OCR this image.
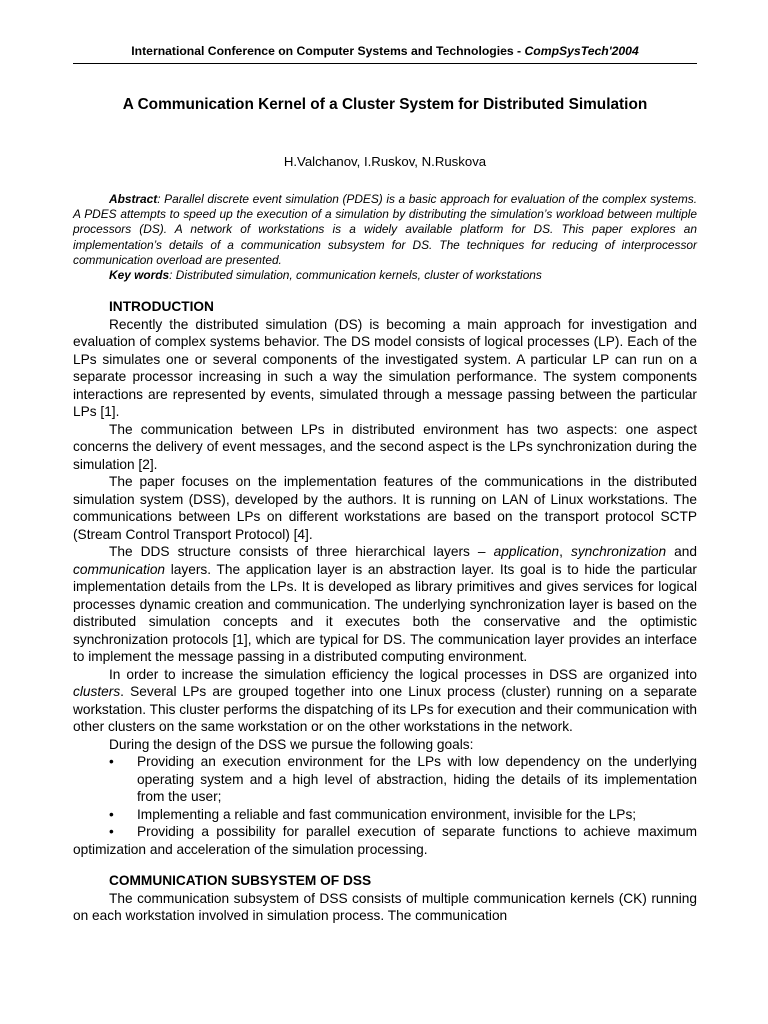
International Conference on Computer Systems and Technologies - CompSysTech'2004
A Communication Kernel of a Cluster System for Distributed Simulation
H.Valchanov, I.Ruskov, N.Ruskova

Abstract: Parallel discrete event simulation (PDES) is a basic approach for evaluation of the complex systems. A PDES attempts to speed up the execution of a simulation by distributing the simulation’s workload between multiple processors (DS). A network of workstations is a widely available platform for DS. This paper explores an implementation’s details of a communication subsystem for DS. The techniques for reducing of interprocessor communication overload are presented.

Key words: Distributed simulation, communication kernels, cluster of workstations

INTRODUCTION

Recently the distributed simulation (DS) is becoming a main approach for investigation and evaluation of complex systems behavior. The DS model consists of logical processes (LP). Each of the LPs simulates one or several components of the investigated system. A particular LP can run on a separate processor increasing in such a way the simulation performance. The system components interactions are represented by events, simulated through a message passing between the particular LPs [1].

The communication between LPs in distributed environment has two aspects: one aspect concerns the delivery of event messages, and the second aspect is the LPs synchronization during the simulation [2].

The paper focuses on the implementation features of the communications in the distributed simulation system (DSS), developed by the authors. It is running on LAN of Linux workstations. The communications between LPs on different workstations are based on the transport protocol SCTP (Stream Control Transport Protocol) [4].

The DDS structure consists of three hierarchical layers – application, synchronization and communication layers. The application layer is an abstraction layer. Its goal is to hide the particular implementation details from the LPs. It is developed as library primitives and gives services for logical processes dynamic creation and communication. The underlying synchronization layer is based on the distributed simulation concepts and it executes both the conservative and the optimistic synchronization protocols [1], which are typical for DS. The communication layer provides an interface to implement the message passing in a distributed computing environment.

In order to increase the simulation efficiency the logical processes in DSS are organized into clusters. Several LPs are grouped together into one Linux process (cluster) running on a separate workstation. This cluster performs the dispatching of its LPs for execution and their communication with other clusters on the same workstation or on the other workstations in the network.

During the design of the DSS we pursue the following goals:

• Providing an execution environment for the LPs with low dependency on the underlying operating system and a high level of abstraction, hiding the details of its implementation from the user;

• Implementing a reliable and fast communication environment, invisible for the LPs;

• Providing a possibility for parallel execution of separate functions to achieve maximum optimization and acceleration of the simulation processing.

COMMUNICATION SUBSYSTEM OF DSS

The communication subsystem of DSS consists of multiple communication kernels (CK) running on each workstation involved in simulation process. The communication
